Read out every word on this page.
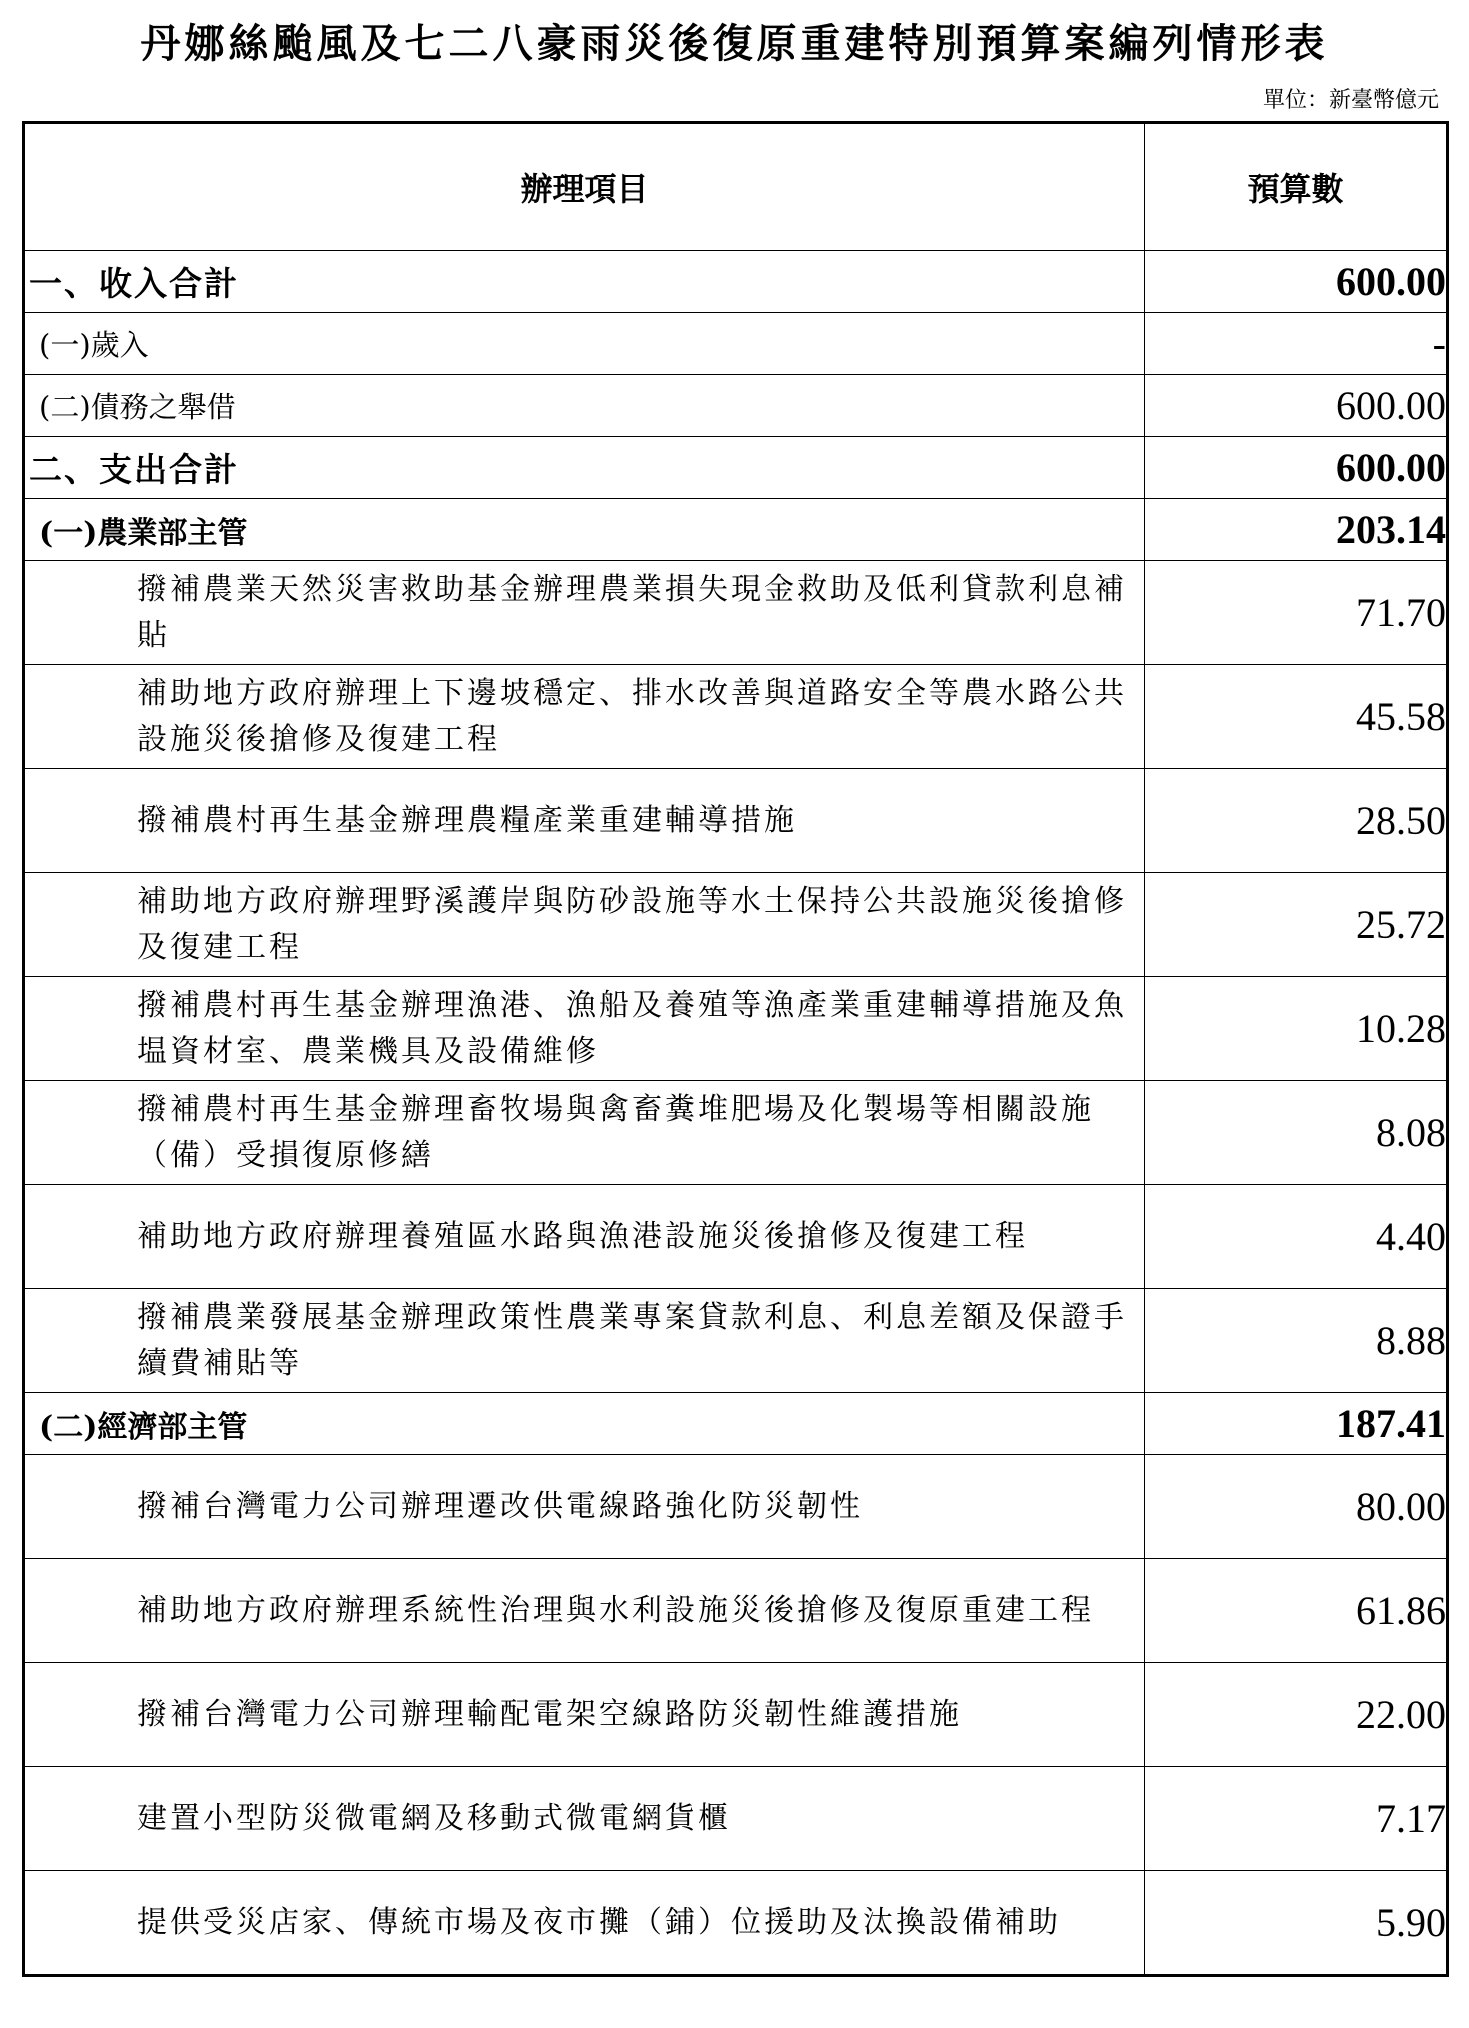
丹娜絲颱風及七二八豪雨災後復原重建特別預算案編列情形表
單位：新臺幣億元
辦理項目	預算數
一、收入合計	600.00
(一)歲入	-
(二)債務之舉借	600.00
二、支出合計	600.00
(一)農業部主管	203.14
撥補農業天然災害救助基金辦理農業損失現金救助及低利貸款利息補貼	71.70
補助地方政府辦理上下邊坡穩定、排水改善與道路安全等農水路公共設施災後搶修及復建工程	45.58
撥補農村再生基金辦理農糧產業重建輔導措施	28.50
補助地方政府辦理野溪護岸與防砂設施等水土保持公共設施災後搶修及復建工程	25.72
撥補農村再生基金辦理漁港、漁船及養殖等漁產業重建輔導措施及魚塭資材室、農業機具及設備維修	10.28
撥補農村再生基金辦理畜牧場與禽畜糞堆肥場及化製場等相關設施（備）受損復原修繕	8.08
補助地方政府辦理養殖區水路與漁港設施災後搶修及復建工程	4.40
撥補農業發展基金辦理政策性農業專案貸款利息、利息差額及保證手續費補貼等	8.88
(二)經濟部主管	187.41
撥補台灣電力公司辦理遷改供電線路強化防災韌性	80.00
補助地方政府辦理系統性治理與水利設施災後搶修及復原重建工程	61.86
撥補台灣電力公司辦理輸配電架空線路防災韌性維護措施	22.00
建置小型防災微電網及移動式微電網貨櫃	7.17
提供受災店家、傳統市場及夜市攤（鋪）位援助及汰換設備補助	5.90
